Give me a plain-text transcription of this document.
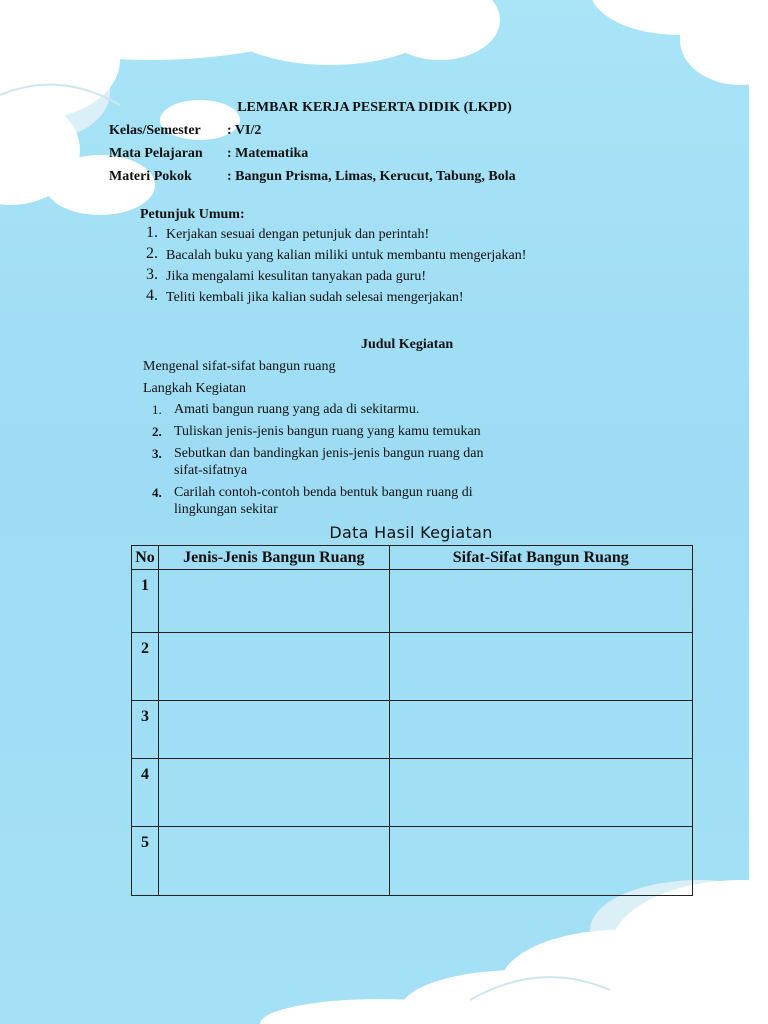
LEMBAR KERJA PESERTA DIDIK (LKPD)
Kelas/Semester : VI/2
Mata Pelajaran : Matematika
Materi Pokok	: Bangun Prisma, Limas, Kerucut, Tabung, Bola
Petunjuk Umum:
1. Kerjakan sesuai dengan petunjuk dan perintah!
2. Bacalah buku yang kalian miliki untuk membantu mengerjakan!
3. Jika mengalami kesulitan tanyakan pada guru!
4. Teliti kembali jika kalian sudah selesai mengerjakan!
Judul Kegiatan
Mengenal sifat-sifat bangun ruang
Langkah Kegiatan
1. Amati bangun ruang yang ada di sekitarmu.
2. Tuliskan jenis-jenis bangun ruang yang kamu temukan
3. Sebutkan dan bandingkan jenis-jenis bangun ruang dan
sifat-sifatnya
4. Carilah contoh-contoh benda bentuk bangun ruang di
lingkungan sekitar
Data Hasil Kegiatan
No	Jenis-Jenis Bangun Ruang	Sifat-Sifat Bangun Ruang
1		
2		
3		
4		
5		
